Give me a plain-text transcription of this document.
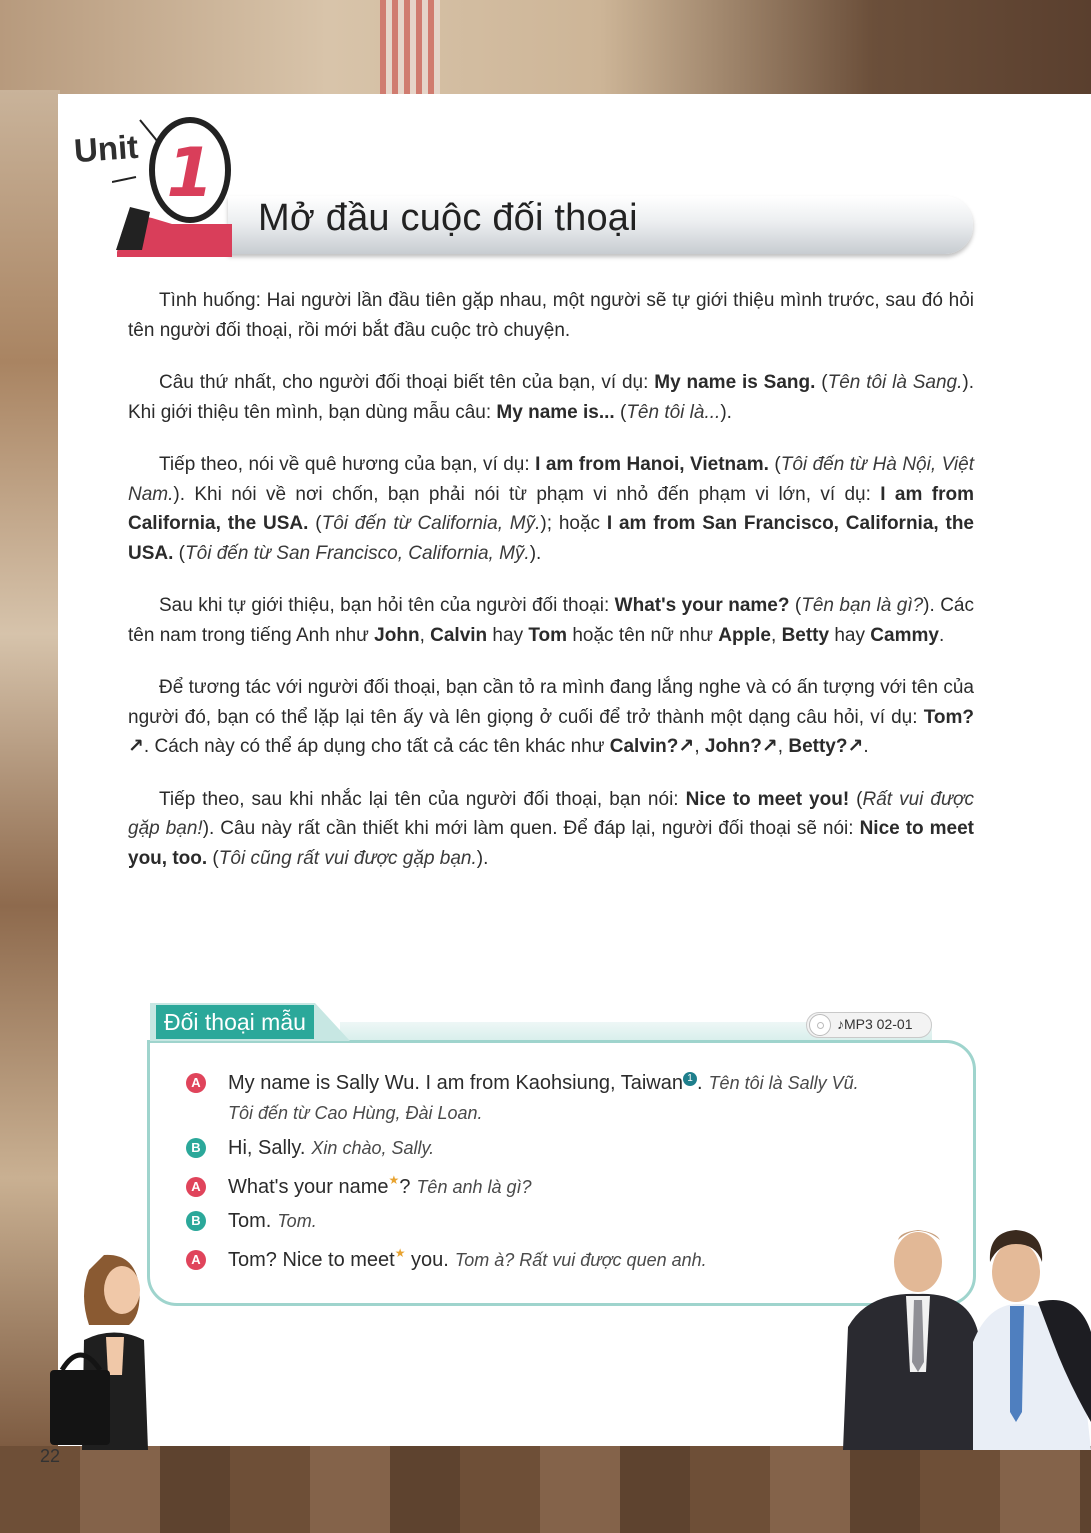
1
Unit
Mở đầu cuộc đối thoại

Tình huống: Hai người lần đầu tiên gặp nhau, một người sẽ tự giới thiệu mình trước, sau đó hỏi tên người đối thoại, rồi mới bắt đầu cuộc trò chuyện.

Câu thứ nhất, cho người đối thoại biết tên của bạn, ví dụ: My name is Sang. (Tên tôi là Sang.). Khi giới thiệu tên mình, bạn dùng mẫu câu: My name is... (Tên tôi là...).

Tiếp theo, nói về quê hương của bạn, ví dụ: I am from Hanoi, Vietnam. (Tôi đến từ Hà Nội, Việt Nam.). Khi nói về nơi chốn, bạn phải nói từ phạm vi nhỏ đến phạm vi lớn, ví dụ: I am from California, the USA. (Tôi đến từ California, Mỹ.); hoặc I am from San Francisco, California, the USA. (Tôi đến từ San Francisco, California, Mỹ.).

Sau khi tự giới thiệu, bạn hỏi tên của người đối thoại: What's your name? (Tên bạn là gì?). Các tên nam trong tiếng Anh như John, Calvin hay Tom hoặc tên nữ như Apple, Betty hay Cammy.

Để tương tác với người đối thoại, bạn cần tỏ ra mình đang lắng nghe và có ấn tượng với tên của người đó, bạn có thể lặp lại tên ấy và lên giọng ở cuối để trở thành một dạng câu hỏi, ví dụ: Tom?↗. Cách này có thể áp dụng cho tất cả các tên khác như Calvin?↗, John?↗, Betty?↗.

Tiếp theo, sau khi nhắc lại tên của người đối thoại, bạn nói: Nice to meet you! (Rất vui được gặp bạn!). Câu này rất cần thiết khi mới làm quen. Để đáp lại, người đối thoại sẽ nói: Nice to meet you, too. (Tôi cũng rất vui được gặp bạn.).

Đối thoại mẫu	♪MP3 02-01
A My name is Sally Wu. I am from Kaohsiung, Taiwan 1 . Tên tôi là Sally Vũ.
Tôi đến từ Cao Hùng, Đài Loan.
B Hi, Sally. Xin chào, Sally.
A What's your name★? Tên anh là gì?
B Tom. Tom.
A Tom? Nice to meet★ you. Tom à? Rất vui được quen anh.
22
